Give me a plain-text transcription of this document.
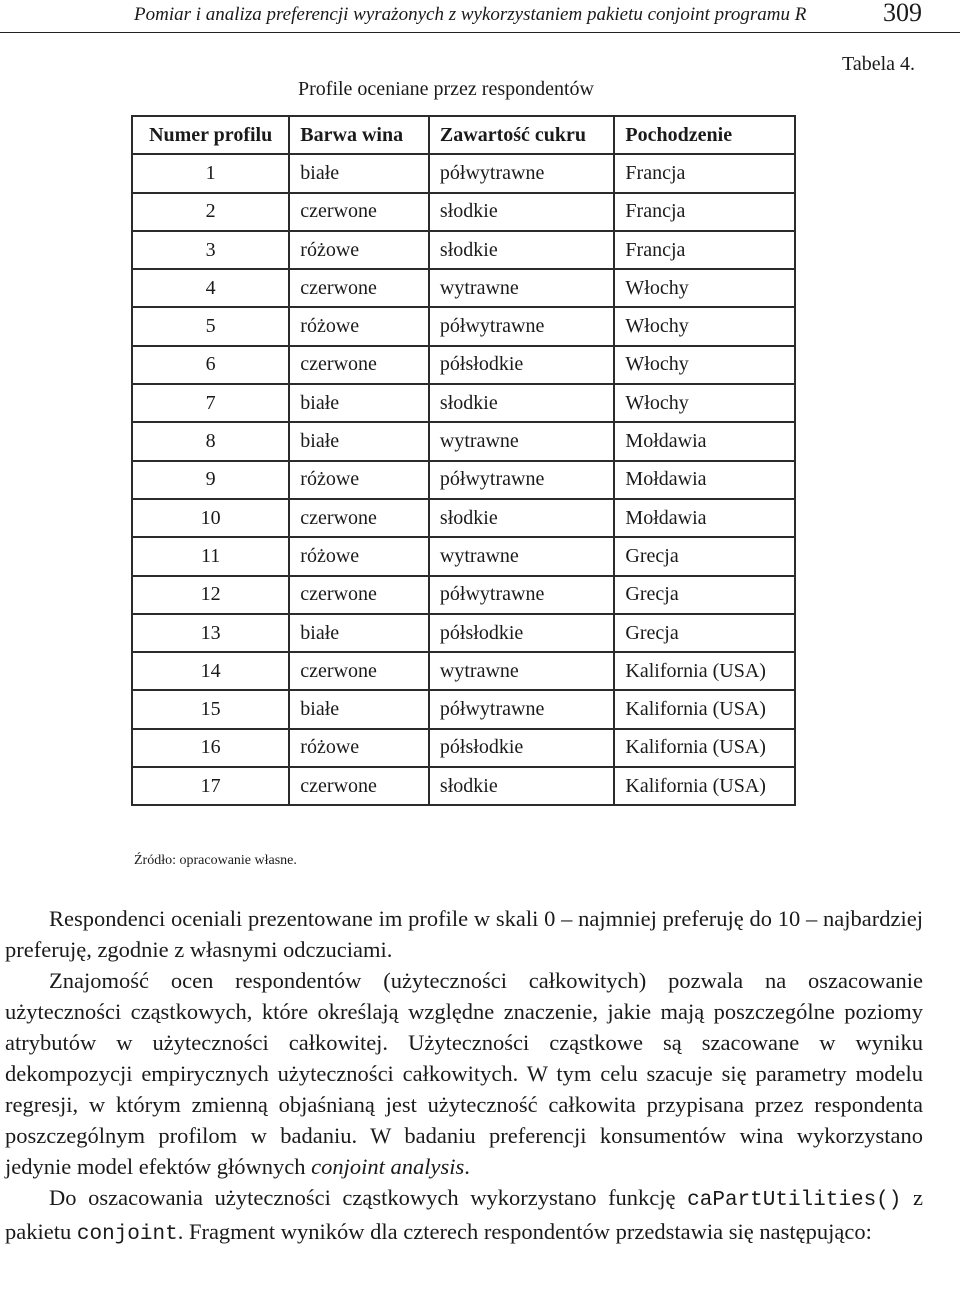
Pomiar i analiza preferencji wyrażonych z wykorzystaniem pakietu conjoint programu R	309
Tabela 4.
Profile oceniane przez respondentów
Numer profilu	Barwa wina	Zawartość cukru	Pochodzenie
1	białe	półwytrawne	Francja
2	czerwone	słodkie	Francja
3	różowe	słodkie	Francja
4	czerwone	wytrawne	Włochy
5	różowe	półwytrawne	Włochy
6	czerwone	półsłodkie	Włochy
7	białe	słodkie	Włochy
8	białe	wytrawne	Mołdawia
9	różowe	półwytrawne	Mołdawia
10	czerwone	słodkie	Mołdawia
11	różowe	wytrawne	Grecja
12	czerwone	półwytrawne	Grecja
13	białe	półsłodkie	Grecja
14	czerwone	wytrawne	Kalifornia (USA)
15	białe	półwytrawne	Kalifornia (USA)
16	różowe	półsłodkie	Kalifornia (USA)
17	czerwone	słodkie	Kalifornia (USA)
Źródło: opracowanie własne.

Respondenci oceniali prezentowane im profile w skali 0 – najmniej preferuję do 10 – najbardziej preferuję, zgodnie z własnymi odczuciami.

Znajomość ocen respondentów (użyteczności całkowitych) pozwala na oszacowanie użyteczności cząstkowych, które określają względne znaczenie, jakie mają poszczególne poziomy atrybutów w użyteczności całkowitej. Użyteczności cząstkowe są szacowane w wyniku dekompozycji empirycznych użyteczności całkowitych. W tym celu szacuje się parametry modelu regresji, w którym zmienną objaśnianą jest użyteczność całkowita przypisana przez respondenta poszczególnym profilom w badaniu. W badaniu preferencji konsumentów wina wykorzystano jedynie model efektów głównych conjoint analysis.

Do oszacowania użyteczności cząstkowych wykorzystano funkcję caPartUtilities() z pakietu conjoint. Fragment wyników dla czterech respondentów przedstawia się następująco:
